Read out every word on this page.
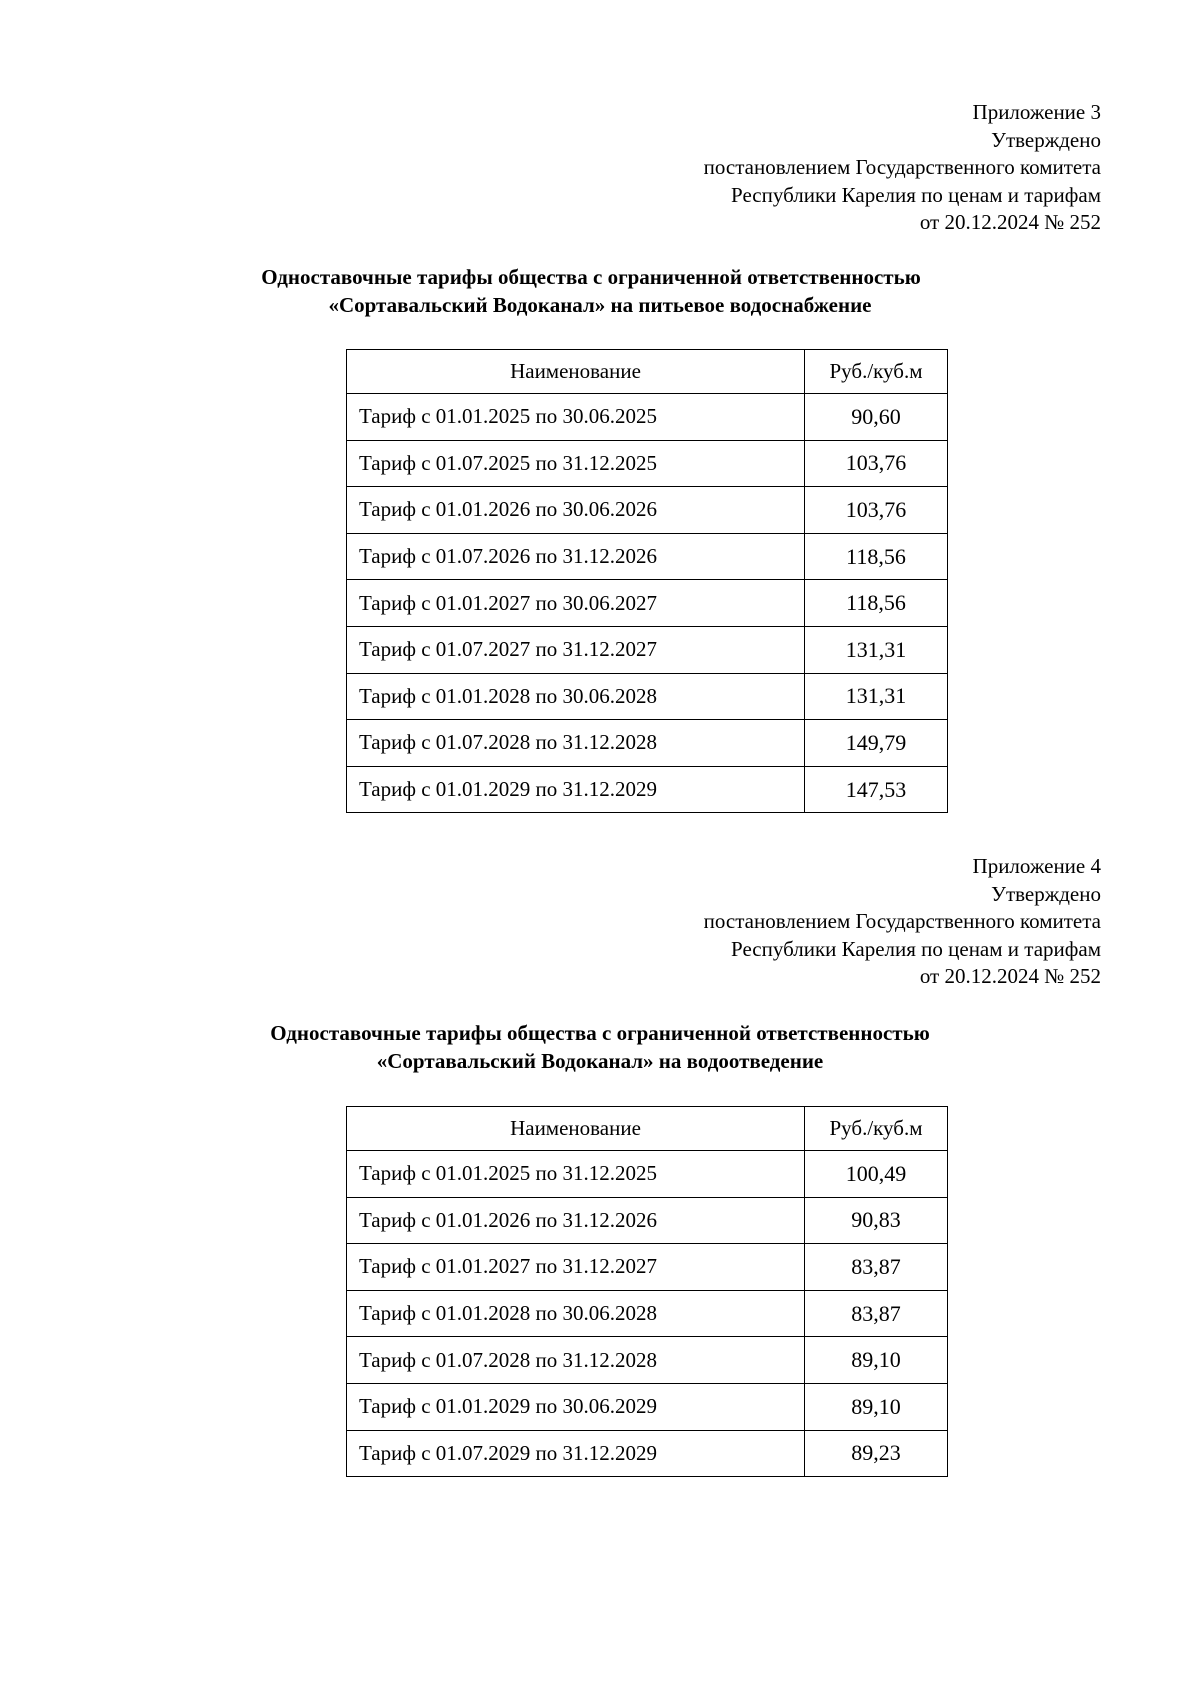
Приложение 3
Утверждено
постановлением Государственного комитета
Республики Карелия по ценам и тарифам
от 20.12.2024 № 252
Одноставочные тарифы общества с ограниченной ответственностью
«Сортавальский Водоканал» на питьевое водоснабжение
Наименование	Руб./куб.м
Тариф с 01.01.2025 по 30.06.2025	90,60
Тариф с 01.07.2025 по 31.12.2025	103,76
Тариф с 01.01.2026 по 30.06.2026	103,76
Тариф с 01.07.2026 по 31.12.2026	118,56
Тариф с 01.01.2027 по 30.06.2027	118,56
Тариф с 01.07.2027 по 31.12.2027	131,31
Тариф с 01.01.2028 по 30.06.2028	131,31
Тариф с 01.07.2028 по 31.12.2028	149,79
Тариф с 01.01.2029 по 31.12.2029	147,53
Приложение 4
Утверждено
постановлением Государственного комитета
Республики Карелия по ценам и тарифам
от 20.12.2024 № 252
Одноставочные тарифы общества с ограниченной ответственностью
«Сортавальский Водоканал» на водоотведение
Наименование	Руб./куб.м
Тариф с 01.01.2025 по 31.12.2025	100,49
Тариф с 01.01.2026 по 31.12.2026	90,83
Тариф с 01.01.2027 по 31.12.2027	83,87
Тариф с 01.01.2028 по 30.06.2028	83,87
Тариф с 01.07.2028 по 31.12.2028	89,10
Тариф с 01.01.2029 по 30.06.2029	89,10
Тариф с 01.07.2029 по 31.12.2029	89,23
